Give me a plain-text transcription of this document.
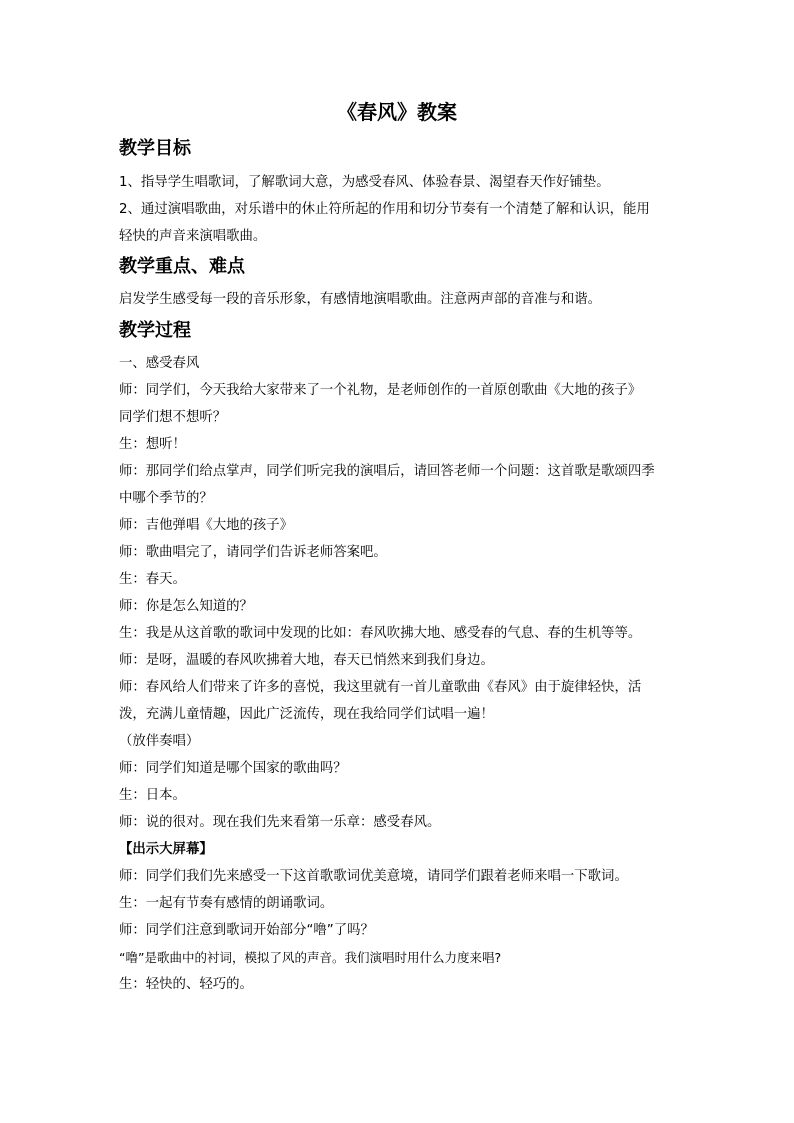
《春风》教案
教学目标
1、指导学生唱歌词，了解歌词大意，为感受春风、体验春景、渴望春天作好铺垫。
2、通过演唱歌曲，对乐谱中的休止符所起的作用和切分节奏有一个清楚了解和认识，能用
轻快的声音来演唱歌曲。
教学重点、难点
启发学生感受每一段的音乐形象，有感情地演唱歌曲。注意两声部的音准与和谐。
教学过程
一、感受春风
师：同学们，今天我给大家带来了一个礼物，是老师创作的一首原创歌曲《大地的孩子》
同学们想不想听？
生：想听！
师：那同学们给点掌声，同学们听完我的演唱后，请回答老师一个问题：这首歌是歌颂四季
中哪个季节的？
师：吉他弹唱《大地的孩子》
师：歌曲唱完了，请同学们告诉老师答案吧。
生：春天。
师：你是怎么知道的？
生：我是从这首歌的歌词中发现的比如：春风吹拂大地、感受春的气息、春的生机等等。
师：是呀，温暖的春风吹拂着大地，春天已悄然来到我们身边。
师：春风给人们带来了许多的喜悦，我这里就有一首儿童歌曲《春风》由于旋律轻快，活
泼，充满儿童情趣，因此广泛流传，现在我给同学们试唱一遍！
（放伴奏唱）
师：同学们知道是哪个国家的歌曲吗？
生：日本。
师：说的很对。现在我们先来看第一乐章：感受春风。
【出示大屏幕】
师：同学们我们先来感受一下这首歌歌词优美意境，请同学们跟着老师来唱一下歌词。
生：一起有节奏有感情的朗诵歌词。
师：同学们注意到歌词开始部分“噜”了吗？
“噜”是歌曲中的衬词，模拟了风的声音。我们演唱时用什么力度来唱?
生：轻快的、轻巧的。
